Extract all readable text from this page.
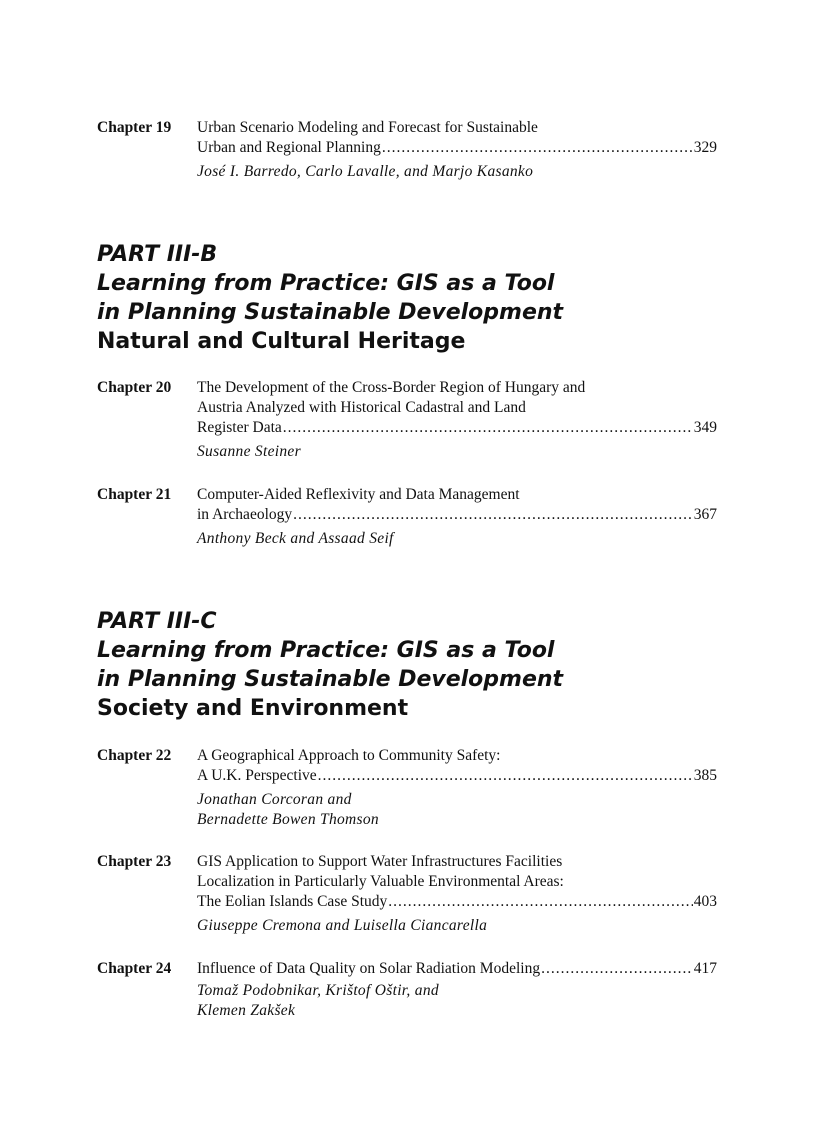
Chapter 19	Urban Scenario Modeling and Forecast for Sustainable
Urban and Regional Planning .....	329
José I. Barredo, Carlo Lavalle, and Marjo Kasanko
PART III-B
Learning from Practice: GIS as a Tool
in Planning Sustainable Development
Natural and Cultural Heritage
Chapter 20	The Development of the Cross-Border Region of Hungary and
Austria Analyzed with Historical Cadastral and Land
Register Data .....	349
Susanne Steiner
Chapter 21	Computer-Aided Reflexivity and Data Management
in Archaeology .....	367
Anthony Beck and Assaad Seif
PART III-C
Learning from Practice: GIS as a Tool
in Planning Sustainable Development
Society and Environment
Chapter 22	A Geographical Approach to Community Safety:
A U.K. Perspective .....	385
Jonathan Corcoran and
Bernadette Bowen Thomson
Chapter 23	GIS Application to Support Water Infrastructures Facilities
Localization in Particularly Valuable Environmental Areas:
The Eolian Islands Case Study .....	403
Giuseppe Cremona and Luisella Ciancarella
Chapter 24	Influence of Data Quality on Solar Radiation Modeling .....	417
Tomaž Podobnikar, Krištof Oštir, and
Klemen Zakšek
